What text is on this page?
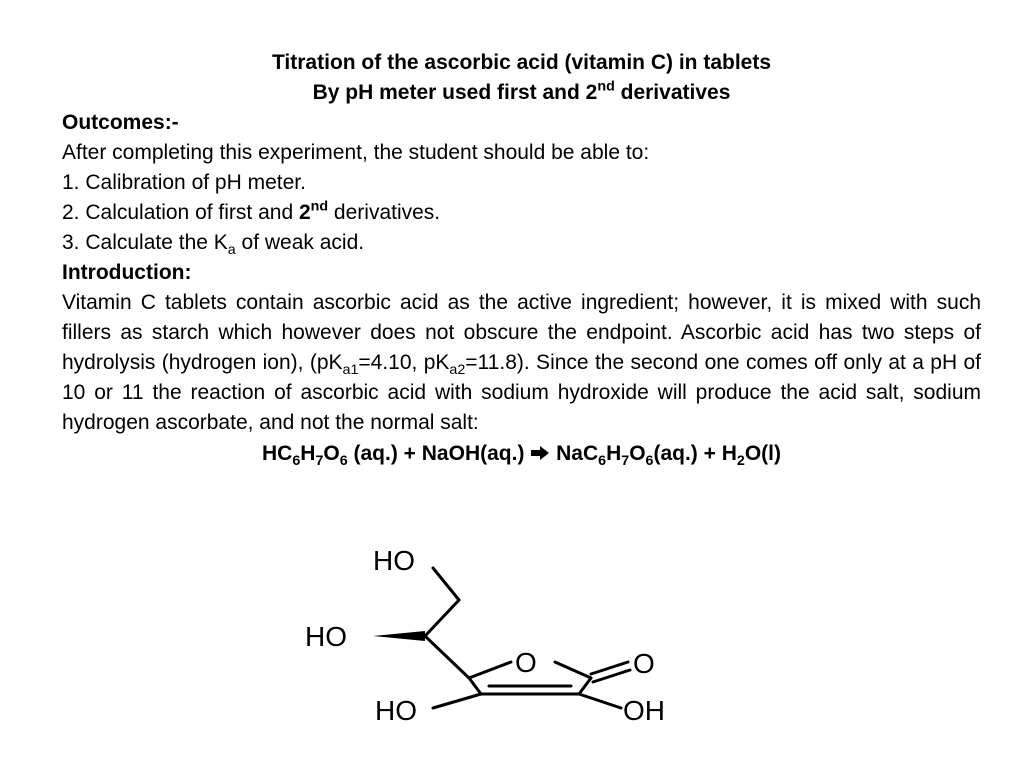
Titration of the ascorbic acid (vitamin C) in tablets
By pH meter used first and 2nd derivatives
Outcomes:-
After completing this experiment, the student should be able to:
1. Calibration of pH meter.
2. Calculation of first and 2nd derivatives.
3. Calculate the $K_a$ of weak acid.
Introduction:

Vitamin C tablets contain ascorbic acid as the active ingredient; however, it is mixed with such fillers as starch which however does not obscure the endpoint. Ascorbic acid has two steps of hydrolysis (hydrogen ion), ($pK_{a1}=4.10$, $pK_{a2}=11.8$). Since the second one comes off only at a pH of 10 or 11 the reaction of ascorbic acid with sodium hydroxide will produce the acid salt, sodium hydrogen ascorbate, and not the normal salt:

$HC_6H_7O_6$ (aq.) + NaOH(aq.) → $NaC_6H_7O_6(aq.) + H_2O(l)$
HO
HO
O	O
HO	OH
